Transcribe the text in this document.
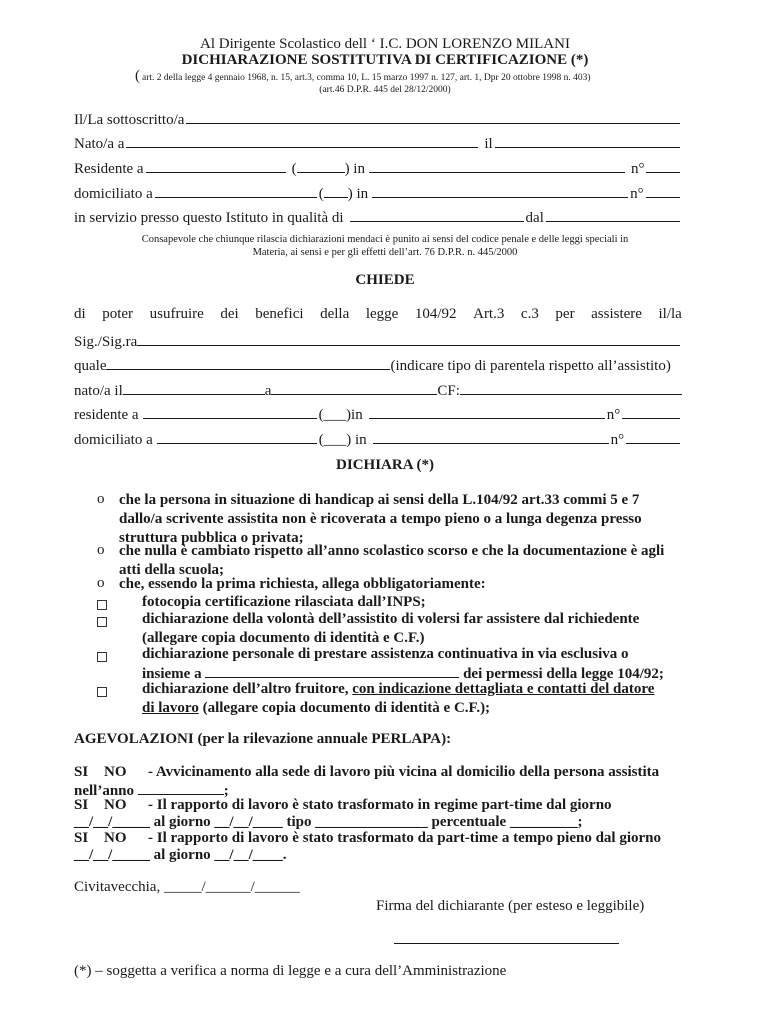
Al Dirigente Scolastico dell ‘ I.C. DON LORENZO MILANI
DICHIARAZIONE SOSTITUTIVA DI CERTIFICAZIONE (*)
( art. 2 della legge 4 gennaio 1968, n. 15, art.3, comma 10, L. 15 marzo 1997 n. 127, art. 1, Dpr 20 ottobre 1998 n. 403)
(art.46 D.P.R. 445 del 28/12/2000)
Il/La sottoscritto/a
Nato/a a	il
Residente a	(	) in	n°
domiciliato a	( ) in	n°
in servizio presso questo Istituto in qualità di	dal
Consapevole che chiunque rilascia dichiarazioni mendaci è punito ai sensi del codice penale e delle leggi speciali in
Materia, ai sensi e per gli effetti dell’art. 76 D.P.R. n. 445/2000
CHIEDE
di poter usufruire dei benefici della legge 104/92 Art.3 c.3 per assistere il/la
Sig./Sig.ra
quale	(indicare tipo di parentela rispetto all’assistito)
nato/a il	a	CF:
residente a	(___)in	n°
domiciliato a	(___) in	n°
DICHIARA (*)
o che la persona in situazione di handicap ai sensi della L.104/92 art.33 commi 5 e 7
dallo/a scrivente assistita non è ricoverata a tempo pieno o a lunga degenza presso
struttura pubblica o privata;
o che nulla è cambiato rispetto all’anno scolastico scorso e che la documentazione è agli
atti della scuola;
o che, essendo la prima richiesta, allega obbligatoriamente:
fotocopia certificazione rilasciata dall’INPS;
dichiarazione della volontà dell’assistito di volersi far assistere dal richiedente
(allegare copia documento di identità e C.F.)
dichiarazione personale di prestare assistenza continuativa in via esclusiva o
insieme a	dei permessi della legge 104/92;
dichiarazione dell’altro fruitore, con indicazione dettagliata e contatti del datore
di lavoro (allegare copia documento di identità e C.F.);
AGEVOLAZIONI (per la rilevazione annuale PERLAPA):
SI NO - Avvicinamento alla sede di lavoro più vicina al domicilio della persona assistita
nell’anno	;
SI NO - Il rapporto di lavoro è stato trasformato in regime part-time dal giorno
__/__/_____ al giorno __/__/____ tipo _______________ percentuale _________;
SI NO - Il rapporto di lavoro è stato trasformato da part-time a tempo pieno dal giorno
__/__/_____ al giorno __/__/____.
Civitavecchia, _____/______/______
Firma del dichiarante (per esteso e leggibile)
(*) – soggetta a verifica a norma di legge e a cura dell’Amministrazione
